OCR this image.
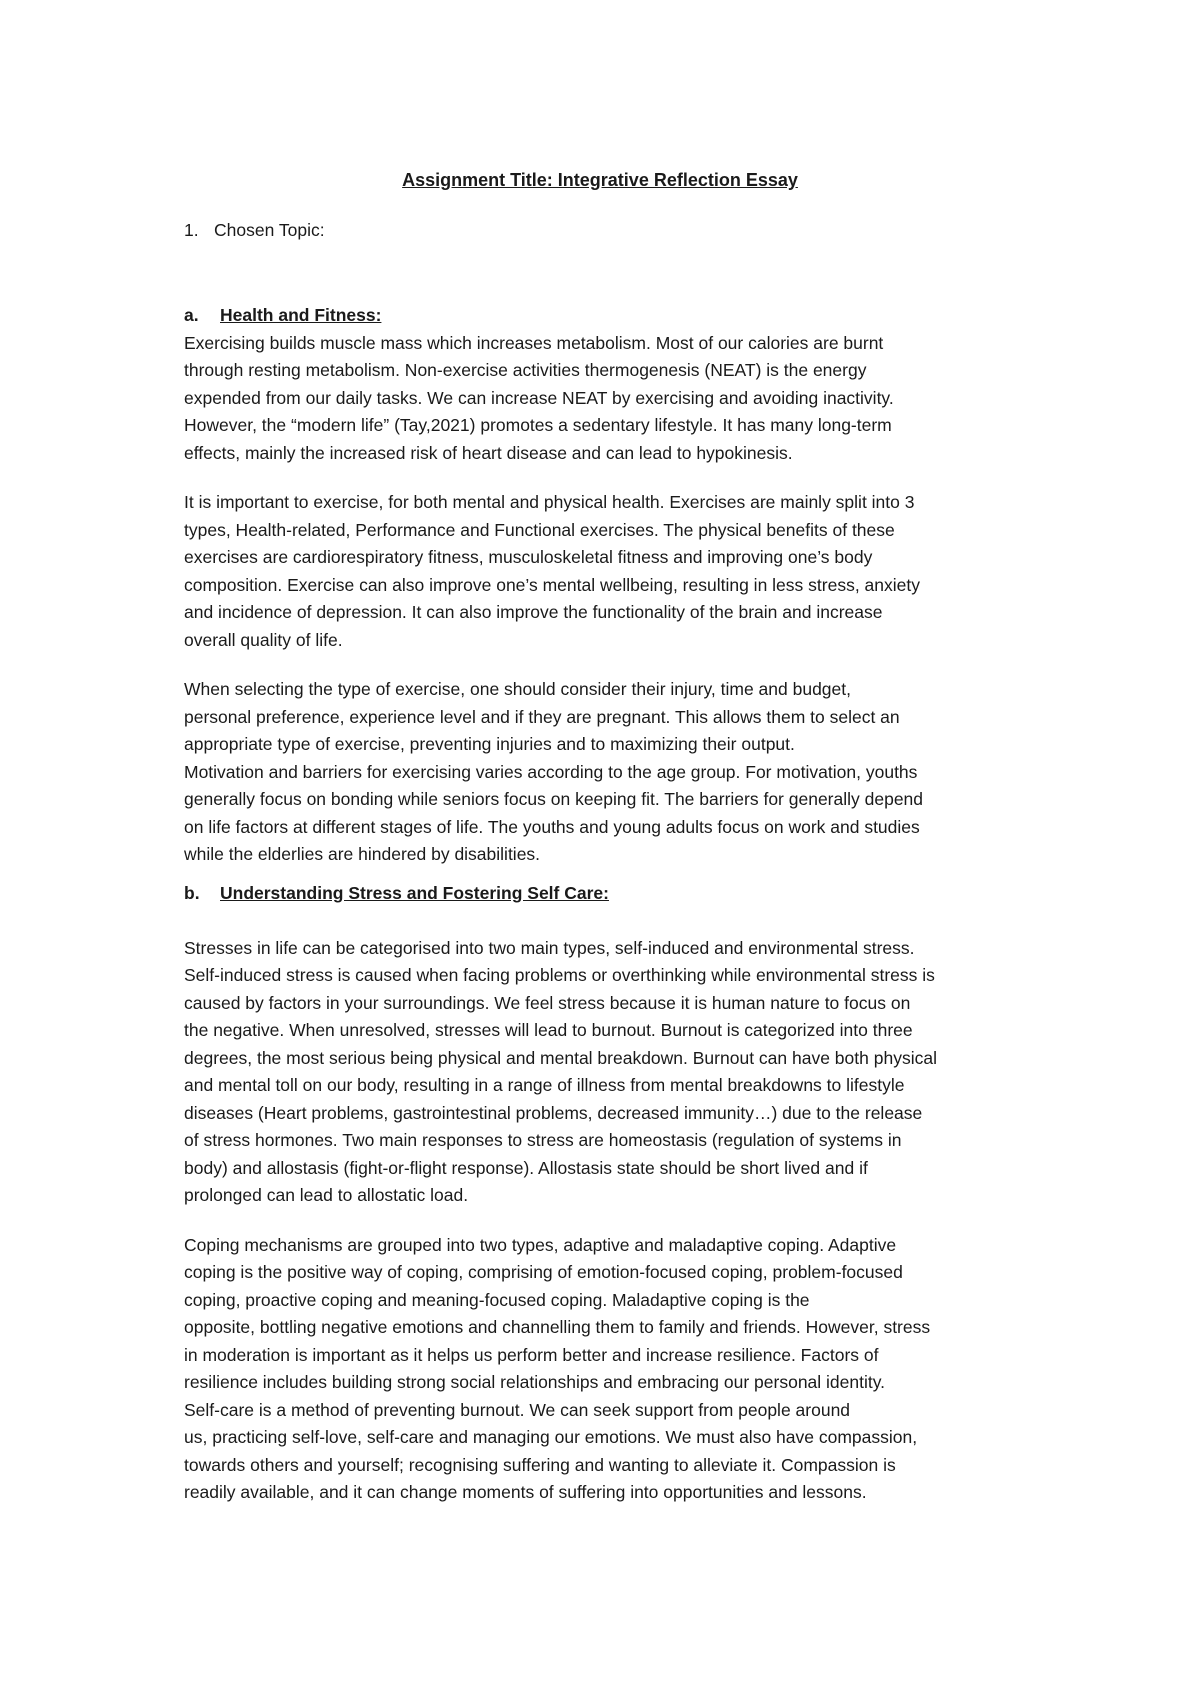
Assignment Title: Integrative Reflection Essay

1. Chosen Topic:

a. Health and Fitness:

Exercising builds muscle mass which increases metabolism. Most of our calories are burnt
through resting metabolism. Non-exercise activities thermogenesis (NEAT) is the energy
expended from our daily tasks. We can increase NEAT by exercising and avoiding inactivity.
However, the “modern life” (Tay,2021) promotes a sedentary lifestyle. It has many long-term
effects, mainly the increased risk of heart disease and can lead to hypokinesis.

It is important to exercise, for both mental and physical health. Exercises are mainly split into 3
types, Health-related, Performance and Functional exercises. The physical benefits of these
exercises are cardiorespiratory fitness, musculoskeletal fitness and improving one’s body
composition. Exercise can also improve one’s mental wellbeing, resulting in less stress, anxiety
and incidence of depression. It can also improve the functionality of the brain and increase
overall quality of life.

When selecting the type of exercise, one should consider their injury, time and budget,
personal preference, experience level and if they are pregnant. This allows them to select an
appropriate type of exercise, preventing injuries and to maximizing their output.
Motivation and barriers for exercising varies according to the age group. For motivation, youths
generally focus on bonding while seniors focus on keeping fit. The barriers for generally depend
on life factors at different stages of life. The youths and young adults focus on work and studies
while the elderlies are hindered by disabilities.

b. Understanding Stress and Fostering Self Care:

Stresses in life can be categorised into two main types, self-induced and environmental stress.
Self-induced stress is caused when facing problems or overthinking while environmental stress is
caused by factors in your surroundings. We feel stress because it is human nature to focus on
the negative. When unresolved, stresses will lead to burnout. Burnout is categorized into three
degrees, the most serious being physical and mental breakdown. Burnout can have both physical
and mental toll on our body, resulting in a range of illness from mental breakdowns to lifestyle
diseases (Heart problems, gastrointestinal problems, decreased immunity…) due to the release
of stress hormones. Two main responses to stress are homeostasis (regulation of systems in
body) and allostasis (fight-or-flight response). Allostasis state should be short lived and if
prolonged can lead to allostatic load.

Coping mechanisms are grouped into two types, adaptive and maladaptive coping. Adaptive
coping is the positive way of coping, comprising of emotion-focused coping, problem-focused
coping, proactive coping and meaning-focused coping. Maladaptive coping is the
opposite, bottling negative emotions and channelling them to family and friends. However, stress
in moderation is important as it helps us perform better and increase resilience. Factors of
resilience includes building strong social relationships and embracing our personal identity.
Self-care is a method of preventing burnout. We can seek support from people around
us, practicing self-love, self-care and managing our emotions. We must also have compassion,
towards others and yourself; recognising suffering and wanting to alleviate it. Compassion is
readily available, and it can change moments of suffering into opportunities and lessons.
